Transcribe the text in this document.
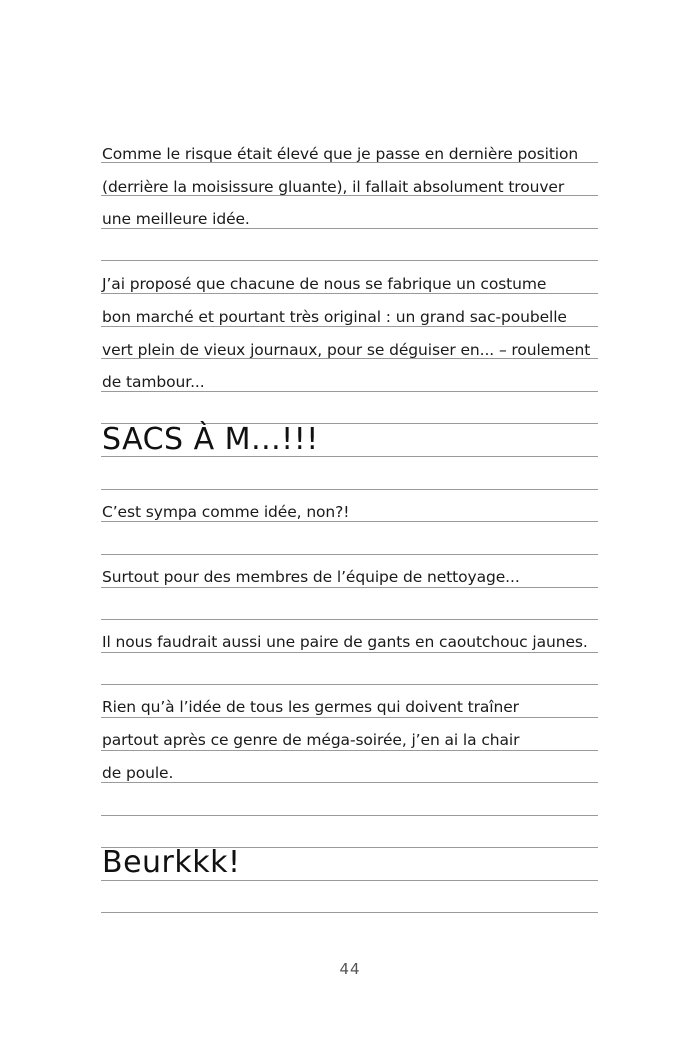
Comme le risque était élevé que je passe en dernière position
(derrière la moisissure gluante), il fallait absolument trouver
une meilleure idée.
J’ai proposé que chacune de nous se fabrique un costume
bon marché et pourtant très original : un grand sac-poubelle
vert plein de vieux journaux, pour se déguiser en... – roulement
de tambour...
SACS À M...!!!
C’est sympa comme idée, non?!
Surtout pour des membres de l’équipe de nettoyage...
Il nous faudrait aussi une paire de gants en caoutchouc jaunes.
Rien qu’à l’idée de tous les germes qui doivent traîner
partout après ce genre de méga-soirée, j’en ai la chair
de poule.
Beurkkk!
44
